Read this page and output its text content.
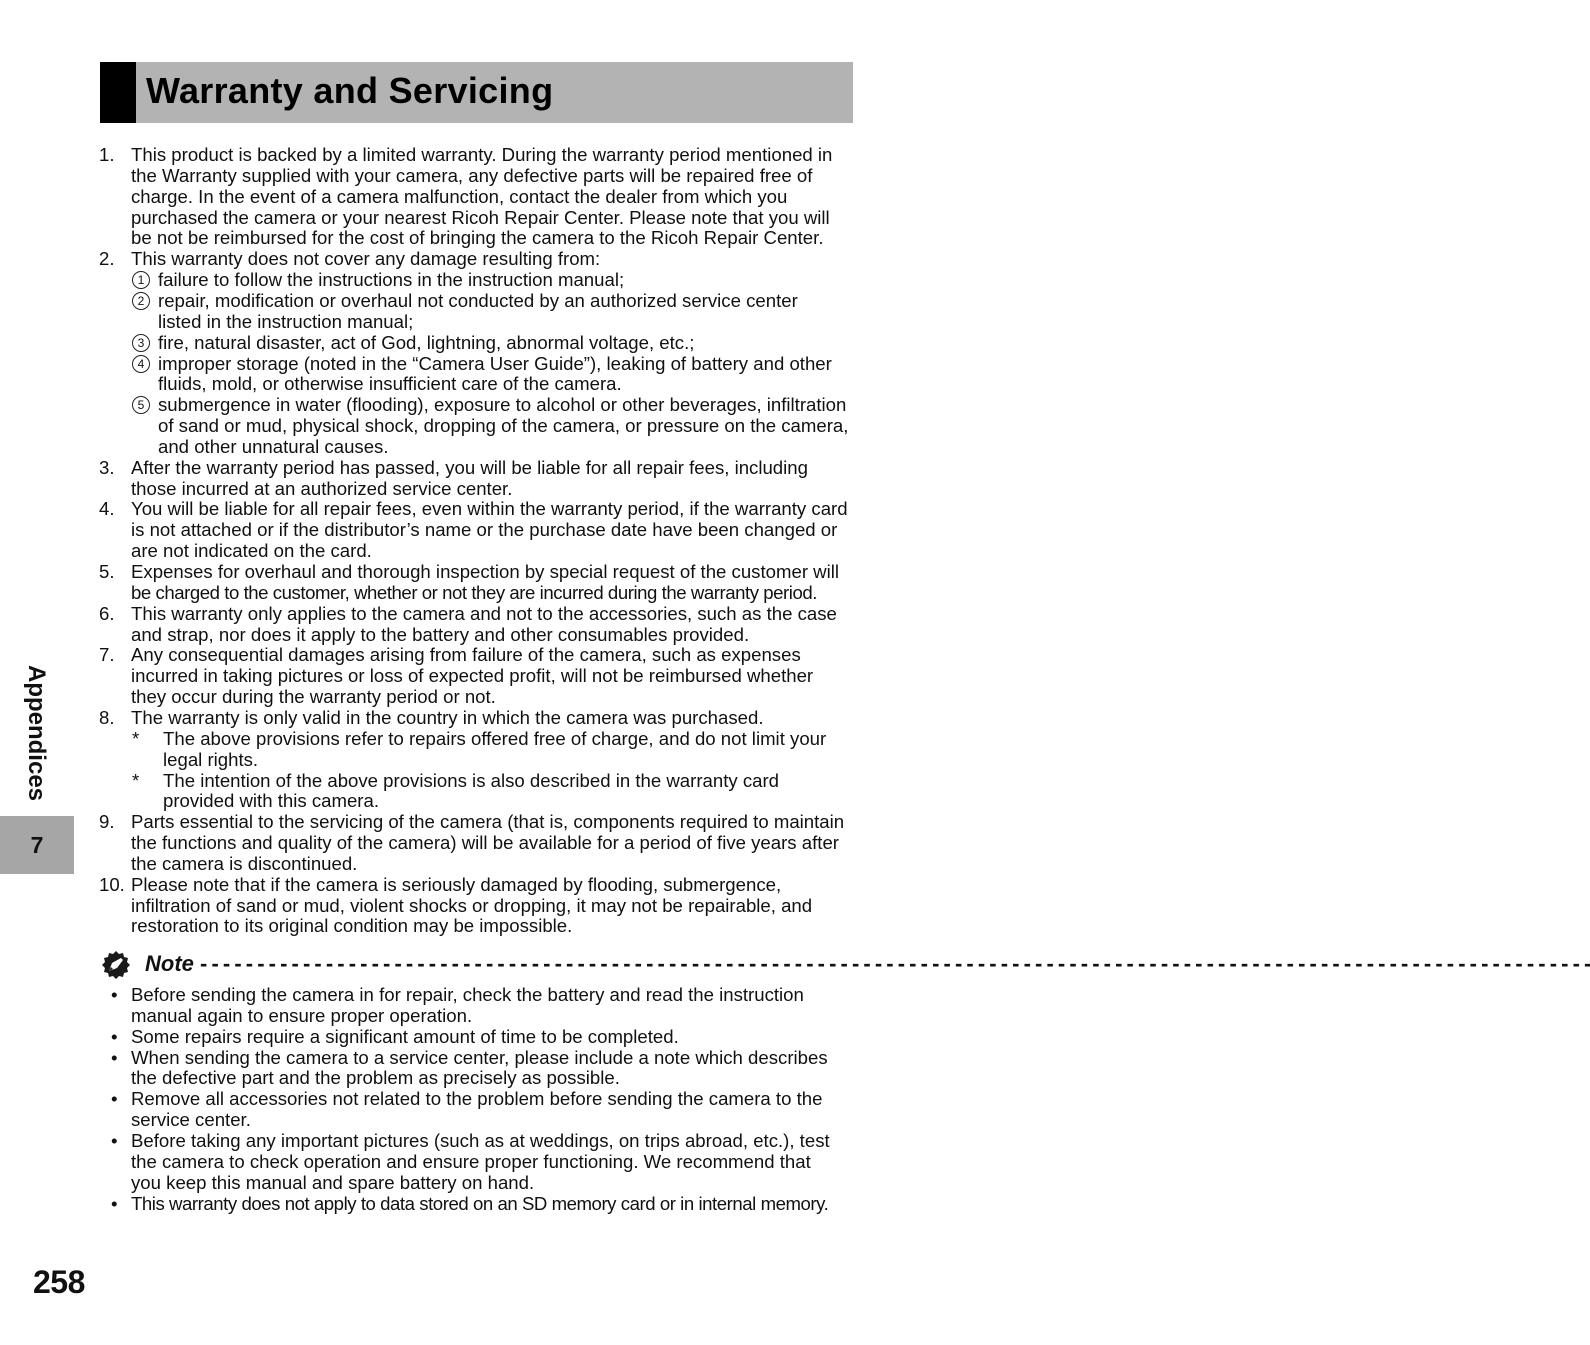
Warranty and Servicing
1. This product is backed by a limited warranty. During the warranty period mentioned in
the Warranty supplied with your camera, any defective parts will be repaired free of
charge. In the event of a camera malfunction, contact the dealer from which you
purchased the camera or your nearest Ricoh Repair Center. Please note that you will
be not be reimbursed for the cost of bringing the camera to the Ricoh Repair Center.
2. This warranty does not cover any damage resulting from:
1 failure to follow the instructions in the instruction manual;
2 repair, modification or overhaul not conducted by an authorized service center
listed in the instruction manual;
3 fire, natural disaster, act of God, lightning, abnormal voltage, etc.;
4 improper storage (noted in the “Camera User Guide”), leaking of battery and other
fluids, mold, or otherwise insufficient care of the camera.
5 submergence in water (flooding), exposure to alcohol or other beverages, infiltration
of sand or mud, physical shock, dropping of the camera, or pressure on the camera,
and other unnatural causes.
3. After the warranty period has passed, you will be liable for all repair fees, including
those incurred at an authorized service center.
4. You will be liable for all repair fees, even within the warranty period, if the warranty card
is not attached or if the distributor’s name or the purchase date have been changed or
are not indicated on the card.
5. Expenses for overhaul and thorough inspection by special request of the customer will
be charged to the customer, whether or not they are incurred during the warranty period.
6. This warranty only applies to the camera and not to the accessories, such as the case
and strap, nor does it apply to the battery and other consumables provided.
7. Any consequential damages arising from failure of the camera, such as expenses
incurred in taking pictures or loss of expected profit, will not be reimbursed whether
they occur during the warranty period or not.
8. The warranty is only valid in the country in which the camera was purchased.
* The above provisions refer to repairs offered free of charge, and do not limit your
legal rights.
* The intention of the above provisions is also described in the warranty card
provided with this camera.
9. Parts essential to the servicing of the camera (that is, components required to maintain
the functions and quality of the camera) will be available for a period of five years after
the camera is discontinued.
10. Please note that if the camera is seriously damaged by flooding, submergence,
infiltration of sand or mud, violent shocks or dropping, it may not be repairable, and
restoration to its original condition may be impossible.
Note - - - - - - - - - - - - - - - - - - - - - - - - - - - - - - - - - - - - - - - - - - - - - - - - - - - - - - - - - - - - - - - - - - - - - - - - - - - - - - - - - - - - - - - - - - - - - - - - - - - - - - - - - - - - - - - - - - - - - - - - - -
• Before sending the camera in for repair, check the battery and read the instruction
manual again to ensure proper operation.
• Some repairs require a significant amount of time to be completed.
• When sending the camera to a service center, please include a note which describes
the defective part and the problem as precisely as possible.
• Remove all accessories not related to the problem before sending the camera to the
service center.
• Before taking any important pictures (such as at weddings, on trips abroad, etc.), test
the camera to check operation and ensure proper functioning. We recommend that
you keep this manual and spare battery on hand.
• This warranty does not apply to data stored on an SD memory card or in internal memory.
Appendices
7
258
